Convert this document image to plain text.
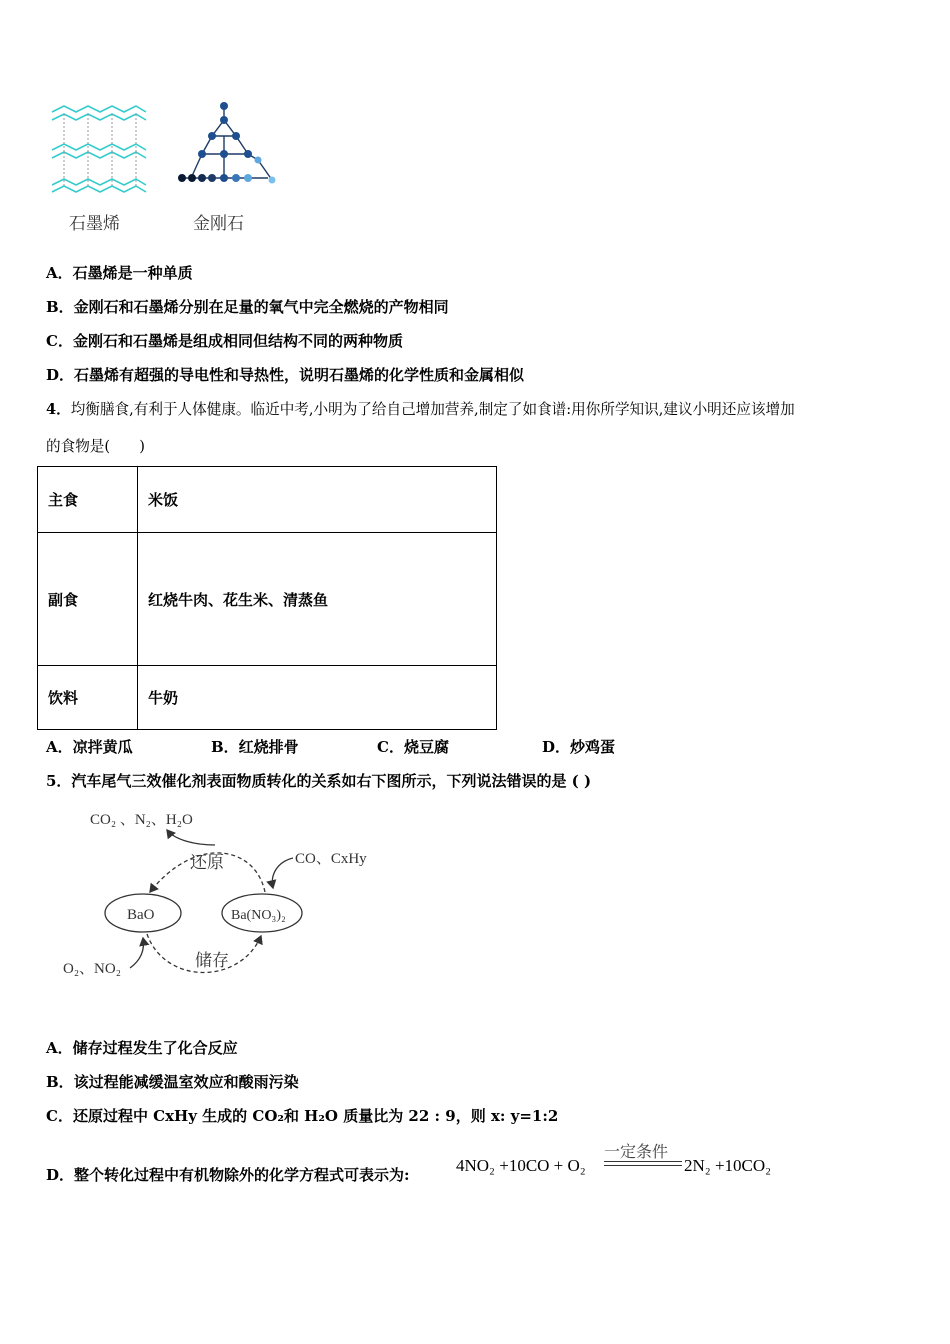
石墨烯	金刚石
A．石墨烯是一种单质
B．金刚石和石墨烯分别在足量的氧气中完全燃烧的产物相同
C．金刚石和石墨烯是组成相同但结构不同的两种物质
D．石墨烯有超强的导电性和导热性，说明石墨烯的化学性质和金属相似
4．均衡膳食,有利于人体健康。临近中考,小明为了给自己增加营养,制定了如食谱:用你所学知识,建议小明还应该增加
的食物是(　　)
主食	米饭
副食	红烧牛肉、花生米、清蒸鱼
饮料	牛奶
A．凉拌黄瓜	B．红烧排骨	C．烧豆腐	D．炒鸡蛋
5．汽车尾气三效催化剂表面物质转化的关系如右下图所示，下列说法错误的是 ( )
CO₂ 、N₂、H₂O
还原	CO、CxHy
BaO	Ba(NO₃)₂
储存
O₂、NO₂
A．储存过程发生了化合反应
B．该过程能减缓温室效应和酸雨污染
C．还原过程中 CxHy 生成的 CO₂和 H₂O 质量比为 22 : 9，则 x: y=1:2
D．整个转化过程中有机物除外的化学方程式可表示为:	4NO₂ +10CO + O₂
一定条件
2N₂ +10CO₂
